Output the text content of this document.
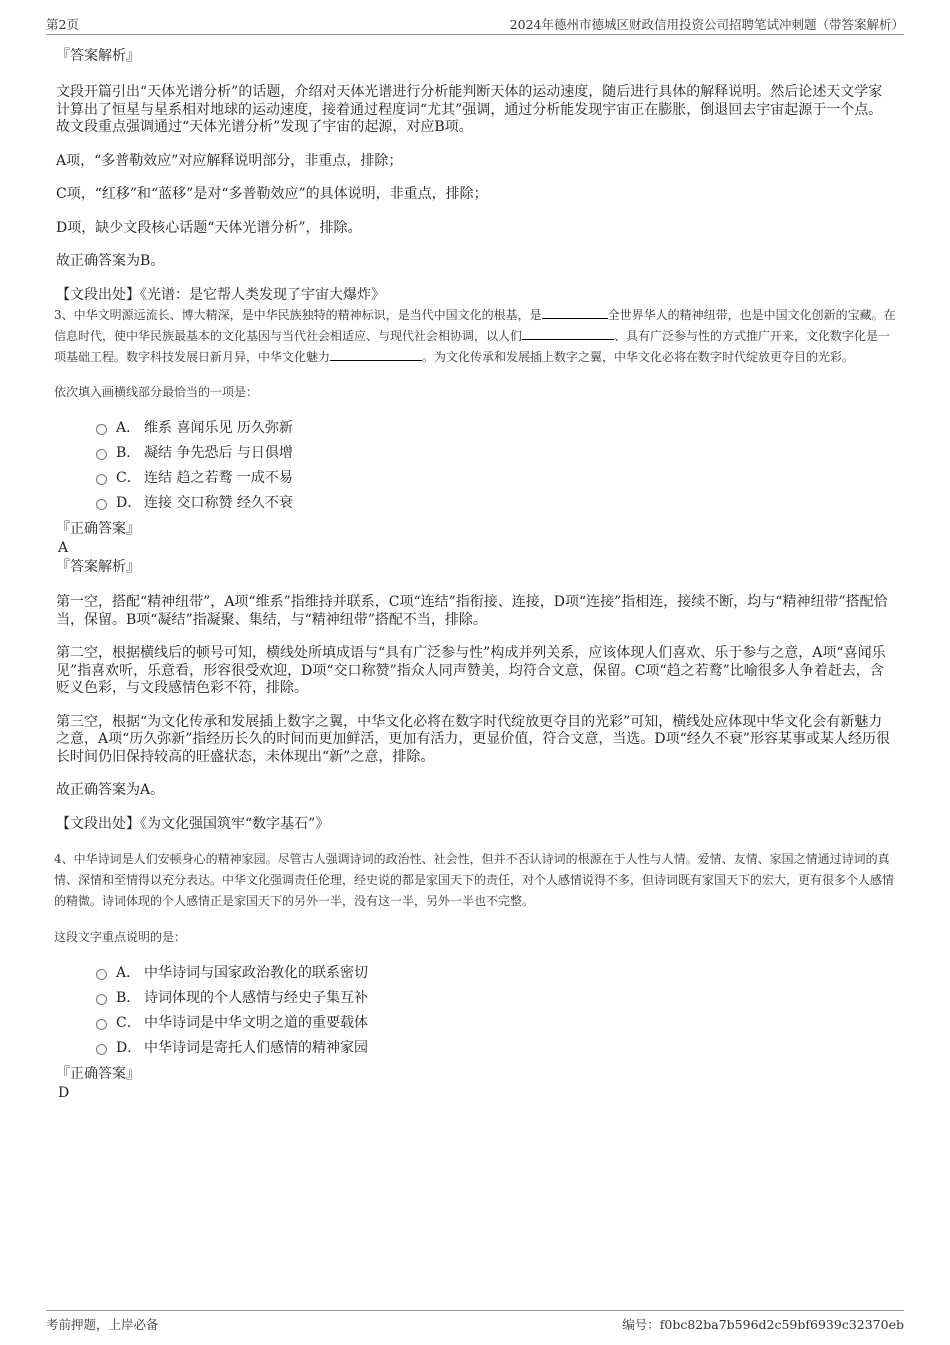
第2页	2024年德州市德城区财政信用投资公司招聘笔试冲刺题（带答案解析）

『答案解析』

文段开篇引出“天体光谱分析”的话题，介绍对天体光谱进行分析能判断天体的运动速度，随后进行具体的解释说明。然后论述天文学家计算出了恒星与星系相对地球的运动速度，接着通过程度词“尤其”强调，通过分析能发现宇宙正在膨胀，倒退回去宇宙起源于一个点。故文段重点强调通过“天体光谱分析”发现了宇宙的起源，对应B项。

A项，“多普勒效应”对应解释说明部分，非重点，排除；

C项，“红移”和“蓝移”是对“多普勒效应”的具体说明，非重点，排除；

D项，缺少文段核心话题“天体光谱分析”，排除。

故正确答案为B。

【文段出处】《光谱：是它帮人类发现了宇宙大爆炸》

3、中华文明源远流长、博大精深，是中华民族独特的精神标识，是当代中国文化的根基，是	全世界华人的精神纽带，也是中国文化创新的宝藏。在信息时代，使中华民族最基本的文化基因与当代社会相适应、与现代社会相协调，以人们	、具有广泛参与性的方式推广开来，文化数字化是一项基础工程。数字科技发展日新月异，中华文化魅力	。为文化传承和发展插上数字之翼，中华文化必将在数字时代绽放更夺目的光彩。

依次填入画横线部分最恰当的一项是：

A． 维系 喜闻乐见 历久弥新
B． 凝结 争先恐后 与日俱增
C． 连结 趋之若鹜 一成不易
D． 连接 交口称赞 经久不衰

『正确答案』

A

『答案解析』

第一空，搭配“精神纽带”，A项“维系”指维持并联系，C项“连结”指衔接、连接，D项“连接”指相连，接续不断，均与“精神纽带”搭配恰当，保留。B项“凝结”指凝聚、集结，与“精神纽带”搭配不当，排除。

第二空，根据横线后的顿号可知，横线处所填成语与“具有广泛参与性”构成并列关系，应该体现人们喜欢、乐于参与之意，A项“喜闻乐见”指喜欢听，乐意看，形容很受欢迎，D项“交口称赞”指众人同声赞美，均符合文意，保留。C项“趋之若鹜”比喻很多人争着赶去，含贬义色彩，与文段感情色彩不符，排除。

第三空，根据“为文化传承和发展插上数字之翼，中华文化必将在数字时代绽放更夺目的光彩”可知，横线处应体现中华文化会有新魅力之意，A项“历久弥新”指经历长久的时间而更加鲜活，更加有活力，更显价值，符合文意，当选。D项“经久不衰”形容某事或某人经历很长时间仍旧保持较高的旺盛状态，未体现出“新”之意，排除。

故正确答案为A。

【文段出处】《为文化强国筑牢“数字基石”》

4、中华诗词是人们安顿身心的精神家园。尽管古人强调诗词的政治性、社会性，但并不否认诗词的根源在于人性与人情。爱情、友情、家国之情通过诗词的真情、深情和至情得以充分表达。中华文化强调责任伦理，经史说的都是家国天下的责任，对个人感情说得不多，但诗词既有家国天下的宏大，更有很多个人感情的精微。诗词体现的个人感情正是家国天下的另外一半，没有这一半，另外一半也不完整。

这段文字重点说明的是：

A． 中华诗词与国家政治教化的联系密切
B． 诗词体现的个人感情与经史子集互补
C． 中华诗词是中华文明之道的重要载体
D． 中华诗词是寄托人们感情的精神家园

『正确答案』

D

考前押题，上岸必备	编号：f0bc82ba7b596d2c59bf6939c32370eb
